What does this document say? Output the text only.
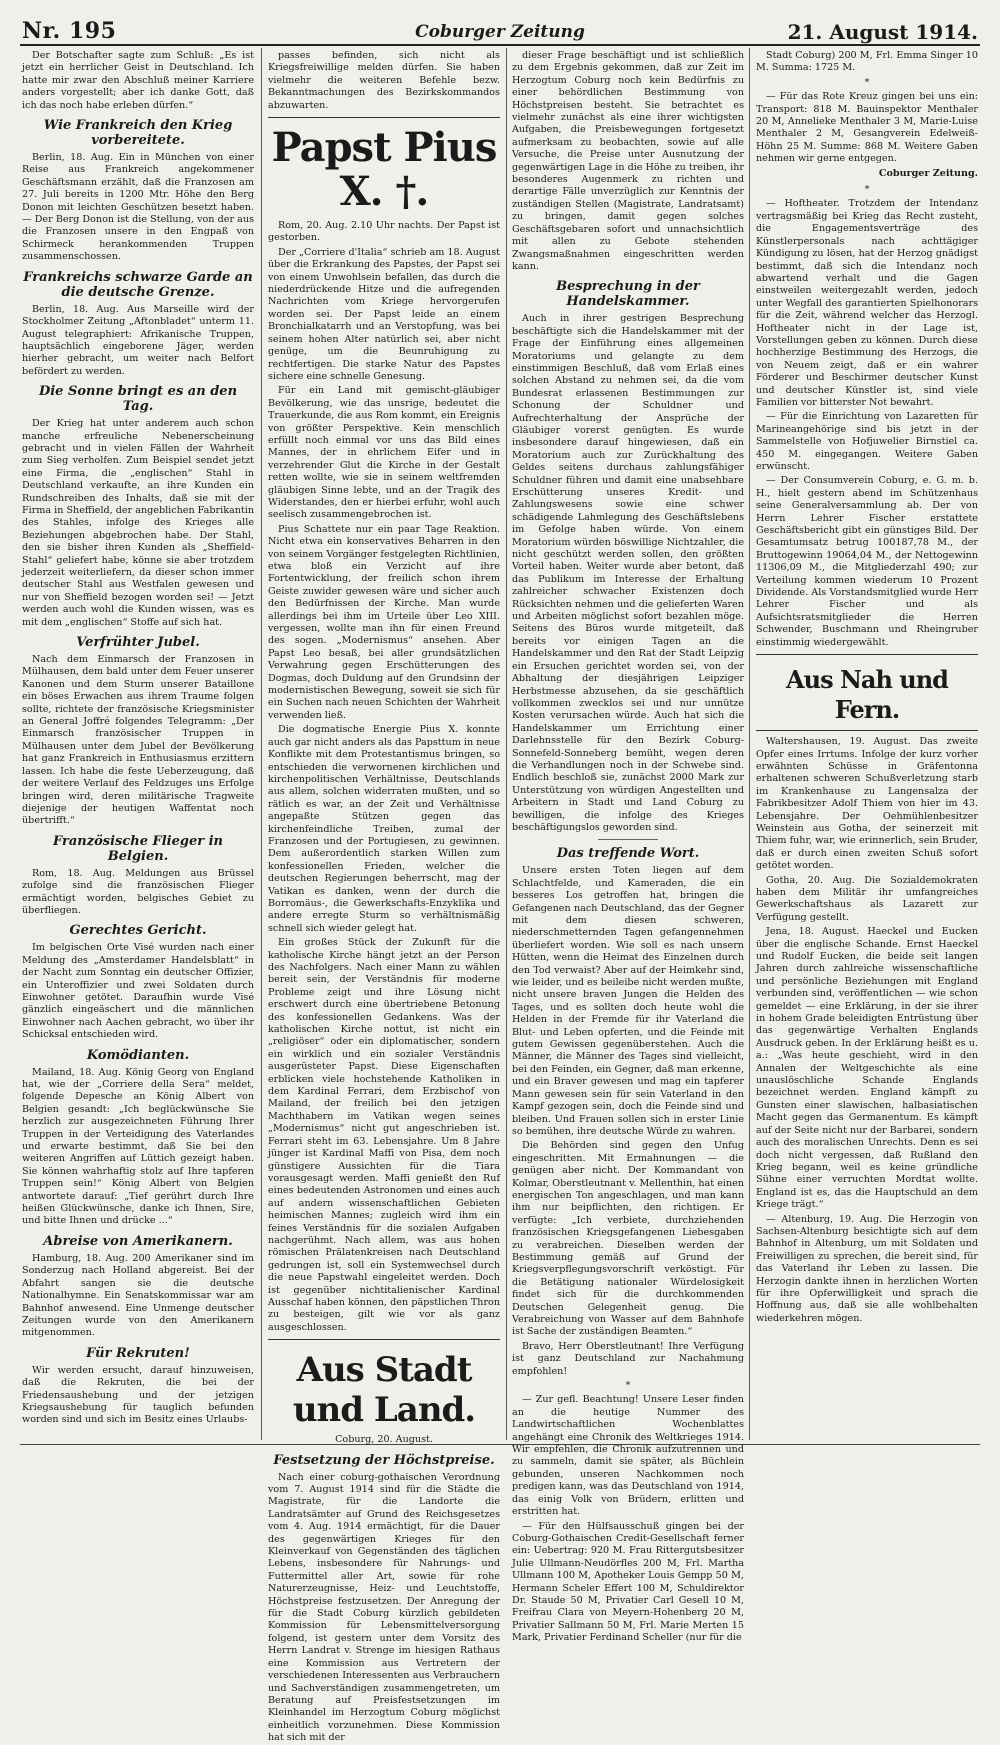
Nr. 195	Coburger Zeitung	21. August 1914.

Der Botschafter sagte zum Schluß: „Es ist jetzt ein herrlicher Geist in Deutschland. Ich hatte mir zwar den Abschluß meiner Karriere anders vorgestellt; aber ich danke Gott, daß ich das noch habe erleben dürfen.“

Wie Frankreich den Krieg vorbereitete.

Berlin, 18. Aug. Ein in München von einer Reise aus Frankreich angekommener Geschäftsmann erzählt, daß die Franzosen am 27. Juli bereits in 1200 Mtr. Höhe den Berg Donon mit leichten Geschützen besetzt haben. — Der Berg Donon ist die Stellung, von der aus die Franzosen unsere in den Engpaß von Schirmeck herankommenden Truppen zusammenschossen.

Frankreichs schwarze Garde an die deutsche Grenze.

Berlin, 18. Aug. Aus Marseille wird der Stockholmer Zeitung „Aftonbladet“ unterm 11. August telegraphiert: Afrikanische Truppen, hauptsächlich eingeborene Jäger, werden hierher gebracht, um weiter nach Belfort befördert zu werden.

Die Sonne bringt es an den Tag.

Der Krieg hat unter anderem auch schon manche erfreuliche Nebenerscheinung gebracht und in vielen Fällen der Wahrheit zum Sieg verholfen. Zum Beispiel sendet jetzt eine Firma, die „englischen“ Stahl in Deutschland verkaufte, an ihre Kunden ein Rundschreiben des Inhalts, daß sie mit der Firma in Sheffield, der angeblichen Fabrikantin des Stahles, infolge des Krieges alle Beziehungen abgebrochen habe. Der Stahl, den sie bisher ihren Kunden als „Sheffield-Stahl“ geliefert habe, könne sie aber trotzdem jederzeit weiterliefern, da dieser schon immer deutscher Stahl aus Westfalen gewesen und nur von Sheffield bezogen worden sei! — Jetzt werden auch wohl die Kunden wissen, was es mit dem „englischen“ Stoffe auf sich hat.

Verfrühter Jubel.

Nach dem Einmarsch der Franzosen in Mülhausen, dem bald unter dem Feuer unserer Kanonen und dem Sturm unserer Bataillone ein böses Erwachen aus ihrem Traume folgen sollte, richtete der französische Kriegsminister an General Joffré folgendes Telegramm: „Der Einmarsch französischer Truppen in Mülhausen unter dem Jubel der Bevölkerung hat ganz Frankreich in Enthusiasmus erzittern lassen. Ich habe die feste Ueberzeugung, daß der weitere Verlauf des Feldzuges uns Erfolge bringen wird, deren militärische Tragweite diejenige der heutigen Waffentat noch übertrifft.“

Französische Flieger in Belgien.

Rom, 18. Aug. Meldungen aus Brüssel zufolge sind die französischen Flieger ermächtigt worden, belgisches Gebiet zu überfliegen.

Gerechtes Gericht.

Im belgischen Orte Visé wurden nach einer Meldung des „Amsterdamer Handelsblatt“ in der Nacht zum Sonntag ein deutscher Offizier, ein Unteroffizier und zwei Soldaten durch Einwohner getötet. Daraufhin wurde Visé gänzlich eingeäschert und die männlichen Einwohner nach Aachen gebracht, wo über ihr Schicksal entschieden wird.

Komödianten.

Mailand, 18. Aug. König Georg von England hat, wie der „Corriere della Sera“ meldet, folgende Depesche an König Albert von Belgien gesandt: „Ich beglückwünsche Sie herzlich zur ausgezeichneten Führung Ihrer Truppen in der Verteidigung des Vaterlandes und erwarte bestimmt, daß Sie bei den weiteren Angriffen auf Lüttich gezeigt haben. Sie können wahrhaftig stolz auf Ihre tapferen Truppen sein!“ König Albert von Belgien antwortete darauf: „Tief gerührt durch Ihre heißen Glückwünsche, danke ich Ihnen, Sire, und bitte Ihnen und drücke ...“

Abreise von Amerikanern.

Hamburg, 18. Aug. 200 Amerikaner sind im Sonderzug nach Holland abgereist. Bei der Abfahrt sangen sie die deutsche Nationalhymne. Ein Senatskommissar war am Bahnhof anwesend. Eine Unmenge deutscher Zeitungen wurde von den Amerikanern mitgenommen.

Für Rekruten!

Wir werden ersucht, darauf hinzuweisen, daß die Rekruten, die bei der Friedensaushebung und der jetzigen Kriegsaushebung für tauglich befunden worden sind und sich im Besitz eines Urlaubs-

passes befinden, sich nicht als Kriegsfreiwillige melden dürfen. Sie haben vielmehr die weiteren Befehle bezw. Bekanntmachungen des Bezirkskommandos abzuwarten.

Papst Pius X. †.

Rom, 20. Aug. 2.10 Uhr nachts. Der Papst ist gestorben.

Der „Corriere d'Italia“ schrieb am 18. August über die Erkrankung des Papstes, der Papst sei von einem Unwohlsein befallen, das durch die niederdrückende Hitze und die aufregenden Nachrichten vom Kriege hervorgerufen worden sei. Der Papst leide an einem Bronchialkatarrh und an Verstopfung, was bei seinem hohen Alter natürlich sei, aber nicht genüge, um die Beunruhigung zu rechtfertigen. Die starke Natur des Papstes sichere eine schnelle Genesung.

Für ein Land mit gemischt-gläubiger Bevölkerung, wie das unsrige, bedeutet die Trauerkunde, die aus Rom kommt, ein Ereignis von größter Perspektive. Kein menschlich erfüllt noch einmal vor uns das Bild eines Mannes, der in ehrlichem Eifer und in verzehrender Glut die Kirche in der Gestalt retten wollte, wie sie in seinem weltfremden gläubigen Sinne lebte, und an der Tragik des Widerstandes, den er hierbei erfuhr, wohl auch seelisch zusammengebrochen ist.

Pius Schattete nur ein paar Tage Reaktion. Nicht etwa ein konservatives Beharren in den von seinem Vorgänger festgelegten Richtlinien, etwa bloß ein Verzicht auf ihre Fortentwicklung, der freilich schon ihrem Geiste zuwider gewesen wäre und sicher auch den Bedürfnissen der Kirche. Man wurde allerdings bei ihm im Urteile über Leo XIII. vergessen, wollte man ihn für einen Freund des sogen. „Modernismus“ ansehen. Aber Papst Leo besaß, bei aller grundsätzlichen Verwahrung gegen Erschütterungen des Dogmas, doch Duldung auf den Grundsinn der modernistischen Bewegung, soweit sie sich für ein Suchen nach neuen Schichten der Wahrheit verwenden ließ.

Die dogmatische Energie Pius X. konnte auch gar nicht anders als das Papsttum in neue Konflikte mit dem Protestantismus bringen, so entschieden die verwornenen kirchlichen und kirchenpolitischen Verhältnisse, Deutschlands aus allem, solchen widerraten mußten, und so rätlich es war, an der Zeit und Verhältnisse angepaßte Stützen gegen das kirchenfeindliche Treiben, zumal der Franzosen und der Portugiesen, zu gewinnen. Dem außerordentlich starken Willen zum konfessionellen Frieden, welcher die deutschen Regierungen beherrscht, mag der Vatikan es danken, wenn der durch die Borromäus-, die Gewerkschafts-Enzyklika und andere erregte Sturm so verhältnismäßig schnell sich wieder gelegt hat.

Ein großes Stück der Zukunft für die katholische Kirche hängt jetzt an der Person des Nachfolgers. Nach einer Mann zu wählen bereit sein, der Verständnis für moderne Probleme zeigt und ihre Lösung nicht erschwert durch eine übertriebene Betonung des konfessionellen Gedankens. Was der katholischen Kirche nottut, ist nicht ein „religiöser“ oder ein diplomatischer, sondern ein wirklich und ein sozialer Verständnis ausgerüsteter Papst. Diese Eigenschaften erblicken viele hochstehende Katholiken in dem Kardinal Ferrari, dem Erzbischof von Mailand, der freilich bei den jetzigen Machthabern im Vatikan wegen seines „Modernismus“ nicht gut angeschrieben ist. Ferrari steht im 63. Lebensjahre. Um 8 Jahre jünger ist Kardinal Maffi von Pisa, dem noch günstigere Aussichten für die Tiara vorausgesagt werden. Maffi genießt den Ruf eines bedeutenden Astronomen und eines auch auf andern wissenschaftlichen Gebieten heimischen Mannes; zugleich wird ihm ein feines Verständnis für die sozialen Aufgaben nachgerühmt. Nach allem, was aus hohen römischen Prälatenkreisen nach Deutschland gedrungen ist, soll ein Systemwechsel durch die neue Papstwahl eingeleitet werden. Doch ist gegenüber nichtitalienischer Kardinal Ausschaf haben können, den päpstlichen Thron zu besteigen, gilt wie vor als ganz ausgeschlossen.

Aus Stadt und Land.
Coburg, 20. August.
Festsetzung der Höchstpreise.

Nach einer coburg-gothaischen Verordnung vom 7. August 1914 sind für die Städte die Magistrate, für die Landorte die Landratsämter auf Grund des Reichsgesetzes vom 4. Aug. 1914 ermächtigt, für die Dauer des gegenwärtigen Krieges für den Kleinverkauf von Gegenständen des täglichen Lebens, insbesondere für Nahrungs- und Futtermittel aller Art, sowie für rohe Naturerzeugnisse, Heiz- und Leuchtstoffe, Höchstpreise festzusetzen. Der Anregung der für die Stadt Coburg kürzlich gebildeten Kommission für Lebensmittelversorgung folgend, ist gestern unter dem Vorsitz des Herrn Landrat v. Strenge im hiesigen Rathaus eine Kommission aus Vertretern der verschiedenen Interessenten aus Verbrauchern und Sachverständigen zusammengetreten, um Beratung auf Preisfestsetzungen im Kleinhandel im Herzogtum Coburg möglichst einheitlich vorzunehmen. Diese Kommission hat sich mit der

dieser Frage beschäftigt und ist schließlich zu dem Ergebnis gekommen, daß zur Zeit im Herzogtum Coburg noch kein Bedürfnis zu einer behördlichen Bestimmung von Höchstpreisen besteht. Sie betrachtet es vielmehr zunächst als eine ihrer wichtigsten Aufgaben, die Preisbewegungen fortgesetzt aufmerksam zu beobachten, sowie auf alle Versuche, die Preise unter Ausnutzung der gegenwärtigen Lage in die Höhe zu treiben, ihr besonderes Augenmerk zu richten und derartige Fälle unverzüglich zur Kenntnis der zuständigen Stellen (Magistrate, Landratsamt) zu bringen, damit gegen solches Geschäftsgebaren sofort und unnachsichtlich mit allen zu Gebote stehenden Zwangsmaßnahmen eingeschritten werden kann.

Besprechung in der Handelskammer.

Auch in ihrer gestrigen Besprechung beschäftigte sich die Handelskammer mit der Frage der Einführung eines allgemeinen Moratoriums und gelangte zu dem einstimmigen Beschluß, daß vom Erlaß eines solchen Abstand zu nehmen sei, da die vom Bundesrat erlassenen Bestimmungen zur Schonung der Schuldner und Aufrechterhaltung der Ansprüche der Gläubiger vorerst genügten. Es wurde insbesondere darauf hingewiesen, daß ein Moratorium auch zur Zurückhaltung des Geldes seitens durchaus zahlungsfähiger Schuldner führen und damit eine unabsehbare Erschütterung unseres Kredit- und Zahlungswesens sowie eine schwer schädigende Lahmlegung des Geschäftslebens im Gefolge haben würde. Von einem Moratorium würden böswillige Nichtzahler, die nicht geschützt werden sollen, den größten Vorteil haben. Weiter wurde aber betont, daß das Publikum im Interesse der Erhaltung zahlreicher schwacher Existenzen doch Rücksichten nehmen und die gelieferten Waren und Arbeiten möglichst sofort bezahlen möge. Seitens des Büros wurde mitgeteilt, daß bereits vor einigen Tagen an die Handelskammer und den Rat der Stadt Leipzig ein Ersuchen gerichtet worden sei, von der Abhaltung der diesjährigen Leipziger Herbstmesse abzusehen, da sie geschäftlich vollkommen zwecklos sei und nur unnütze Kosten verursachen würde. Auch hat sich die Handelskammer um Errichtung einer Darlehnsstelle für den Bezirk Coburg-Sonnefeld-Sonneberg bemüht, wegen deren die Verhandlungen noch in der Schwebe sind. Endlich beschloß sie, zunächst 2000 Mark zur Unterstützung von würdigen Angestellten und Arbeitern in Stadt und Land Coburg zu bewilligen, die infolge des Krieges beschäftigungslos geworden sind.

Das treffende Wort.

Unsere ersten Toten liegen auf dem Schlachtfelde, und Kameraden, die ein besseres Los getroffen hat, bringen die Gefangenen nach Deutschland, das der Gegner mit dem diesen schweren, niederschmetternden Tagen gefangennehmen überliefert worden. Wie soll es nach unsern Hütten, wenn die Heimat des Einzelnen durch den Tod verwaist? Aber auf der Heimkehr sind, wie leider, und es beileibe nicht werden mußte, nicht unsere braven Jungen die Helden des Tages, und es sollten doch heute wohl die Helden in der Fremde für ihr Vaterland die Blut- und Leben opferten, und die Feinde mit gutem Gewissen gegenüberstehen. Auch die Männer, die Männer des Tages sind vielleicht, bei den Feinden, ein Gegner, daß man erkenne, und ein Braver gewesen und mag ein tapferer Mann gewesen sein für sein Vaterland in den Kampf gezogen sein, doch die Feinde sind und bleiben. Und Frauen sollen sich in erster Linie so bemühen, ihre deutsche Würde zu wahren.

Die Behörden sind gegen den Unfug eingeschritten. Mit Ermahnungen — die genügen aber nicht. Der Kommandant von Kolmar, Oberstleutnant v. Mellenthin, hat einen energischen Ton angeschlagen, und man kann ihm nur beipflichten, den richtigen. Er verfügte: „Ich verbiete, durchziehenden französischen Kriegsgefangenen Liebesgaben zu verabreichen. Dieselben werden der Bestimmung gemäß auf Grund der Kriegsverpflegungsvorschrift verköstigt. Für die Betätigung nationaler Würdelosigkeit findet sich für die durchkommenden Deutschen Gelegenheit genug. Die Verabreichung von Wasser auf dem Bahnhofe ist Sache der zuständigen Beamten.“

Bravo, Herr Oberstleutnant! Ihre Verfügung ist ganz Deutschland zur Nachahmung empfohlen!

*

— Zur gefl. Beachtung! Unsere Leser finden an die heutige Nummer des Landwirtschaftlichen Wochenblattes angehängt eine Chronik des Weltkrieges 1914. Wir empfehlen, die Chronik aufzutrennen und zu sammeln, damit sie später, als Büchlein gebunden, unseren Nachkommen noch predigen kann, was das Deutschland von 1914, das einig Volk von Brüdern, erlitten und erstritten hat.

— Für den Hülfsausschuß gingen bei der Coburg-Gothaischen Credit-Gesellschaft ferner ein: Uebertrag: 920 M. Frau Rittergutsbesitzer Julie Ullmann-Neudörfles 200 M, Frl. Martha Ullmann 100 M, Apotheker Louis Gempp 50 M, Hermann Scheler Effert 100 M, Schuldirektor Dr. Staude 50 M, Privatier Carl Gesell 10 M, Freifrau Clara von Meyern-Hohenberg 20 M, Privatier Sallmann 50 M, Frl. Marie Merten 15 Mark, Privatier Ferdinand Scheller (nur für die

Stadt Coburg) 200 M, Frl. Emma Singer 10 M. Summa: 1725 M.

*

— Für das Rote Kreuz gingen bei uns ein: Transport: 818 M. Bauinspektor Menthaler 20 M, Annelieke Menthaler 3 M, Marie-Luise Menthaler 2 M, Gesangverein Edelweiß-Höhn 25 M. Summe: 868 M. Weitere Gaben nehmen wir gerne entgegen.

Coburger Zeitung.
*

— Hoftheater. Trotzdem der Intendanz vertragsmäßig bei Krieg das Recht zusteht, die Engagementsverträge des Künstlerpersonals nach achttägiger Kündigung zu lösen, hat der Herzog gnädigst bestimmt, daß sich die Intendanz noch abwartend verhalt und die Gagen einstweilen weitergezahlt werden, jedoch unter Wegfall des garantierten Spielhonorars für die Zeit, während welcher das Herzogl. Hoftheater nicht in der Lage ist, Vorstellungen geben zu können. Durch diese hochherzige Bestimmung des Herzogs, die von Neuem zeigt, daß er ein wahrer Förderer und Beschirmer deutscher Kunst und deutscher Künstler ist, sind viele Familien vor bitterster Not bewahrt.

— Für die Einrichtung von Lazaretten für Marineangehörige sind bis jetzt in der Sammelstelle von Hofjuwelier Birnstiel ca. 450 M. eingegangen. Weitere Gaben erwünscht.

— Der Consumverein Coburg, e. G. m. b. H., hielt gestern abend im Schützenhaus seine Generalversammlung ab. Der von Herrn Lehrer Fischer erstattete Geschäftsbericht gibt ein günstiges Bild. Der Gesamtumsatz betrug 100187,78 M., der Bruttogewinn 19064,04 M., der Nettogewinn 11306,09 M., die Mitgliederzahl 490; zur Verteilung kommen wiederum 10 Prozent Dividende. Als Vorstandsmitglied wurde Herr Lehrer Fischer und als Aufsichtsratsmitglieder die Herren Schwender, Buschmann und Rheingruber einstimmig wiedergewählt.

Aus Nah und Fern.

Waltershausen, 19. August. Das zweite Opfer eines Irrtums. Infolge der kurz vorher erwähnten Schüsse in Gräfentonna erhaltenen schweren Schußverletzung starb im Krankenhause zu Langensalza der Fabrikbesitzer Adolf Thiem von hier im 43. Lebensjahre. Der Oehmühlenbesitzer Weinstein aus Gotha, der seinerzeit mit Thiem fuhr, war, wie erinnerlich, sein Bruder, daß er durch einen zweiten Schuß sofort getötet worden.

Gotha, 20. Aug. Die Sozialdemokraten haben dem Militär ihr umfangreiches Gewerkschaftshaus als Lazarett zur Verfügung gestellt.

Jena, 18. August. Haeckel und Eucken über die englische Schande. Ernst Haeckel und Rudolf Eucken, die beide seit langen Jahren durch zahlreiche wissenschaftliche und persönliche Beziehungen mit England verbunden sind, veröffentlichen — wie schon gemeldet — eine Erklärung, in der sie ihrer in hohem Grade beleidigten Entrüstung über das gegenwärtige Verhalten Englands Ausdruck geben. In der Erklärung heißt es u. a.: „Was heute geschieht, wird in den Annalen der Weltgeschichte als eine unauslöschliche Schande Englands bezeichnet werden. England kämpft zu Gunsten einer slawischen, halbasiatischen Macht gegen das Germanentum. Es kämpft auf der Seite nicht nur der Barbarei, sondern auch des moralischen Unrechts. Denn es sei doch nicht vergessen, daß Rußland den Krieg begann, weil es keine gründliche Sühne einer verruchten Mordtat wollte. England ist es, das die Hauptschuld an dem Kriege trägt.“

— Altenburg, 19. Aug. Die Herzogin von Sachsen-Altenburg besichtigte sich auf dem Bahnhof in Altenburg, um mit Soldaten und Freiwilligen zu sprechen, die bereit sind, für das Vaterland ihr Leben zu lassen. Die Herzogin dankte ihnen in herzlichen Worten für ihre Opferwilligkeit und sprach die Hoffnung aus, daß sie alle wohlbehalten wiederkehren mögen.
